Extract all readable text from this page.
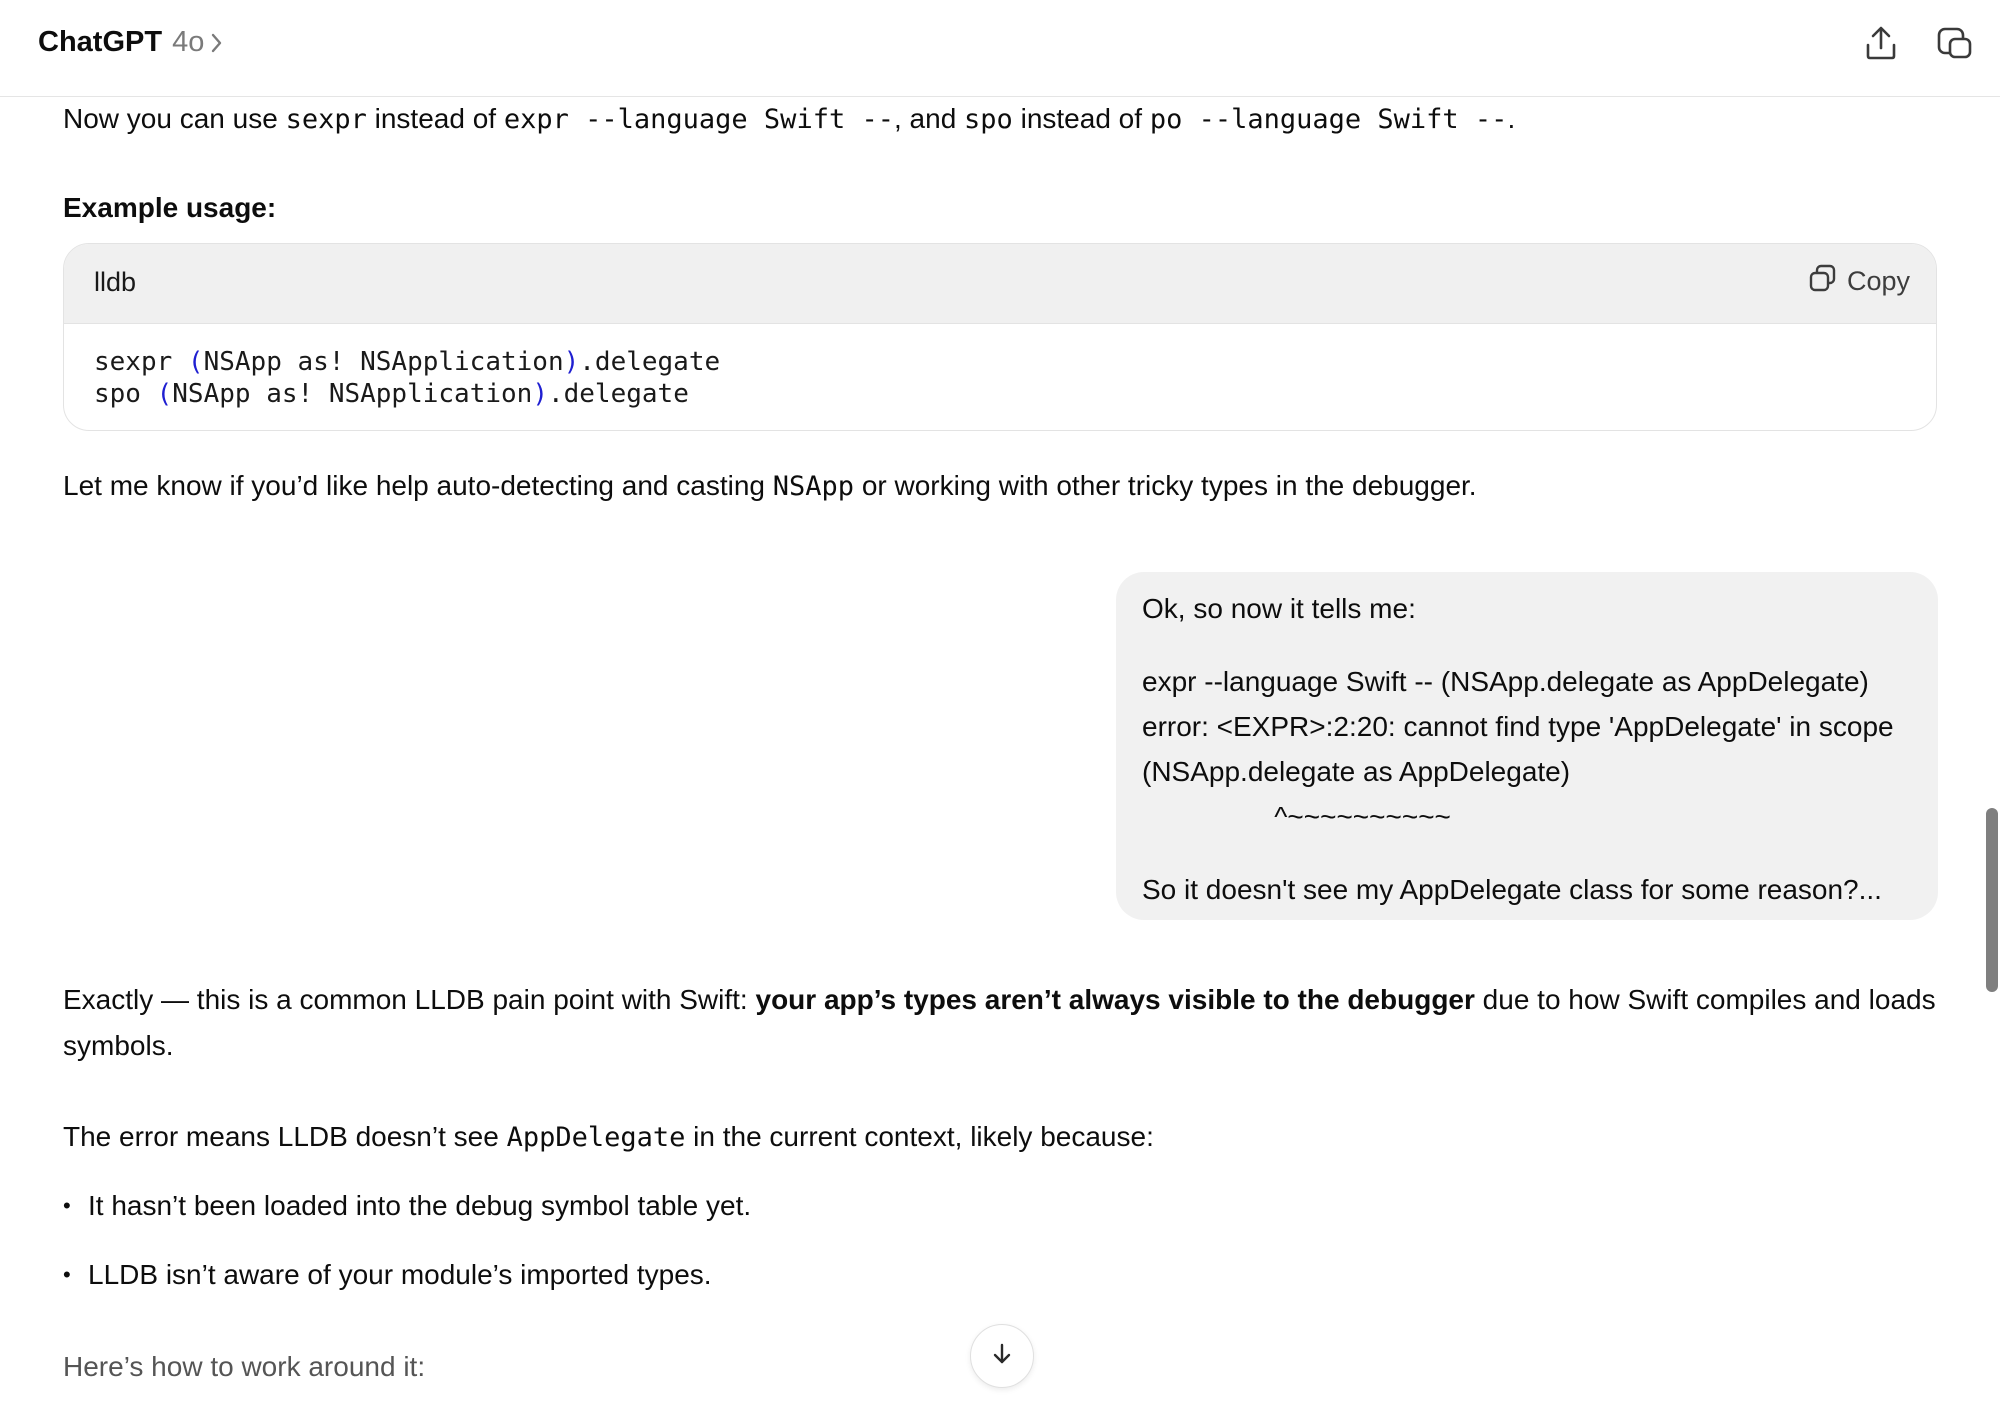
ChatGPT 4o

Now you can use sexpr instead of expr --language Swift --, and spo instead of po --language Swift --.

Example usage:

lldb	Copy
sexpr (NSApp as! NSApplication).delegate
spo (NSApp as! NSApplication).delegate

Let me know if you’d like help auto-detecting and casting NSApp or working with other tricky types in the debugger.

Ok, so now it tells me:
expr --language Swift -- (NSApp.delegate as AppDelegate)
error: <EXPR>:2:20: cannot find type 'AppDelegate' in scope
(NSApp.delegate as AppDelegate)
^~~~~~~~~~~
So it doesn't see my AppDelegate class for some reason?...

Exactly — this is a common LLDB pain point with Swift: your app’s types aren’t always visible to the debugger due to how Swift compiles and loads symbols.

The error means LLDB doesn’t see AppDelegate in the current context, likely because:

• It hasn’t been loaded into the debug symbol table yet.
• LLDB isn’t aware of your module’s imported types.

Here’s how to work around it:
